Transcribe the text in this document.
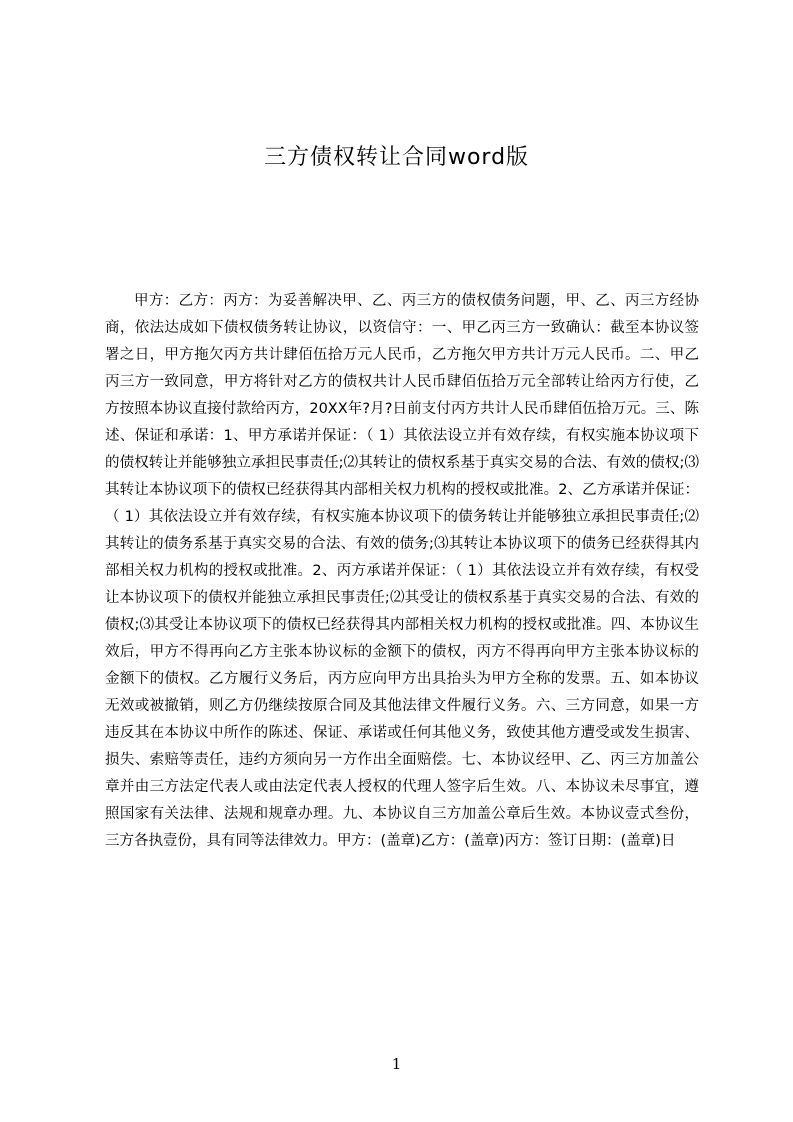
三方债权转让合同word版
甲方：乙方：丙方：为妥善解决甲、乙、丙三方的债权债务问题，甲、乙、丙三方经协商，依法达成如下债权债务转让协议，以资信守：一、甲乙丙三方一致确认：截至本协议签署之日，甲方拖欠丙方共计肆佰伍拾万元人民币，乙方拖欠甲方共计万元人民币。二、甲乙丙三方一致同意，甲方将针对乙方的债权共计人民币肆佰伍拾万元全部转让给丙方行使，乙方按照本协议直接付款给丙方，20XX年?月?日前支付丙方共计人民币肆佰伍拾万元。三、陈述、保证和承诺：1、甲方承诺并保证：（ 1）其依法设立并有效存续，有权实施本协议项下的债权转让并能够独立承担民事责任;⑵其转让的债权系基于真实交易的合法、有效的债权;⑶其转让本协议项下的债权已经获得其内部相关权力机构的授权或批准。2、乙方承诺并保证：（ 1）其依法设立并有效存续，有权实施本协议项下的债务转让并能够独立承担民事责任;⑵其转让的债务系基于真实交易的合法、有效的债务;⑶其转让本协议项下的债务已经获得其内部相关权力机构的授权或批准。2、丙方承诺并保证：（ 1）其依法设立并有效存续，有权受让本协议项下的债权并能独立承担民事责任;⑵其受让的债权系基于真实交易的合法、有效的债权;⑶其受让本协议项下的债权已经获得其内部相关权力机构的授权或批准。四、本协议生效后，甲方不得再向乙方主张本协议标的金额下的债权，丙方不得再向甲方主张本协议标的金额下的债权。乙方履行义务后，丙方应向甲方出具抬头为甲方全称的发票。五、如本协议无效或被撤销，则乙方仍继续按原合同及其他法律文件履行义务。六、三方同意，如果一方违反其在本协议中所作的陈述、保证、承诺或任何其他义务，致使其他方遭受或发生损害、损失、索赔等责任，违约方须向另一方作出全面赔偿。七、本协议经甲、乙、丙三方加盖公章并由三方法定代表人或由法定代表人授权的代理人签字后生效。八、本协议未尽事宜，遵照国家有关法律、法规和规章办理。九、本协议自三方加盖公章后生效。本协议壹式叁份，三方各执壹份，具有同等法律效力。甲方：(盖章)乙方：(盖章)丙方：签订日期：(盖章)日
1
